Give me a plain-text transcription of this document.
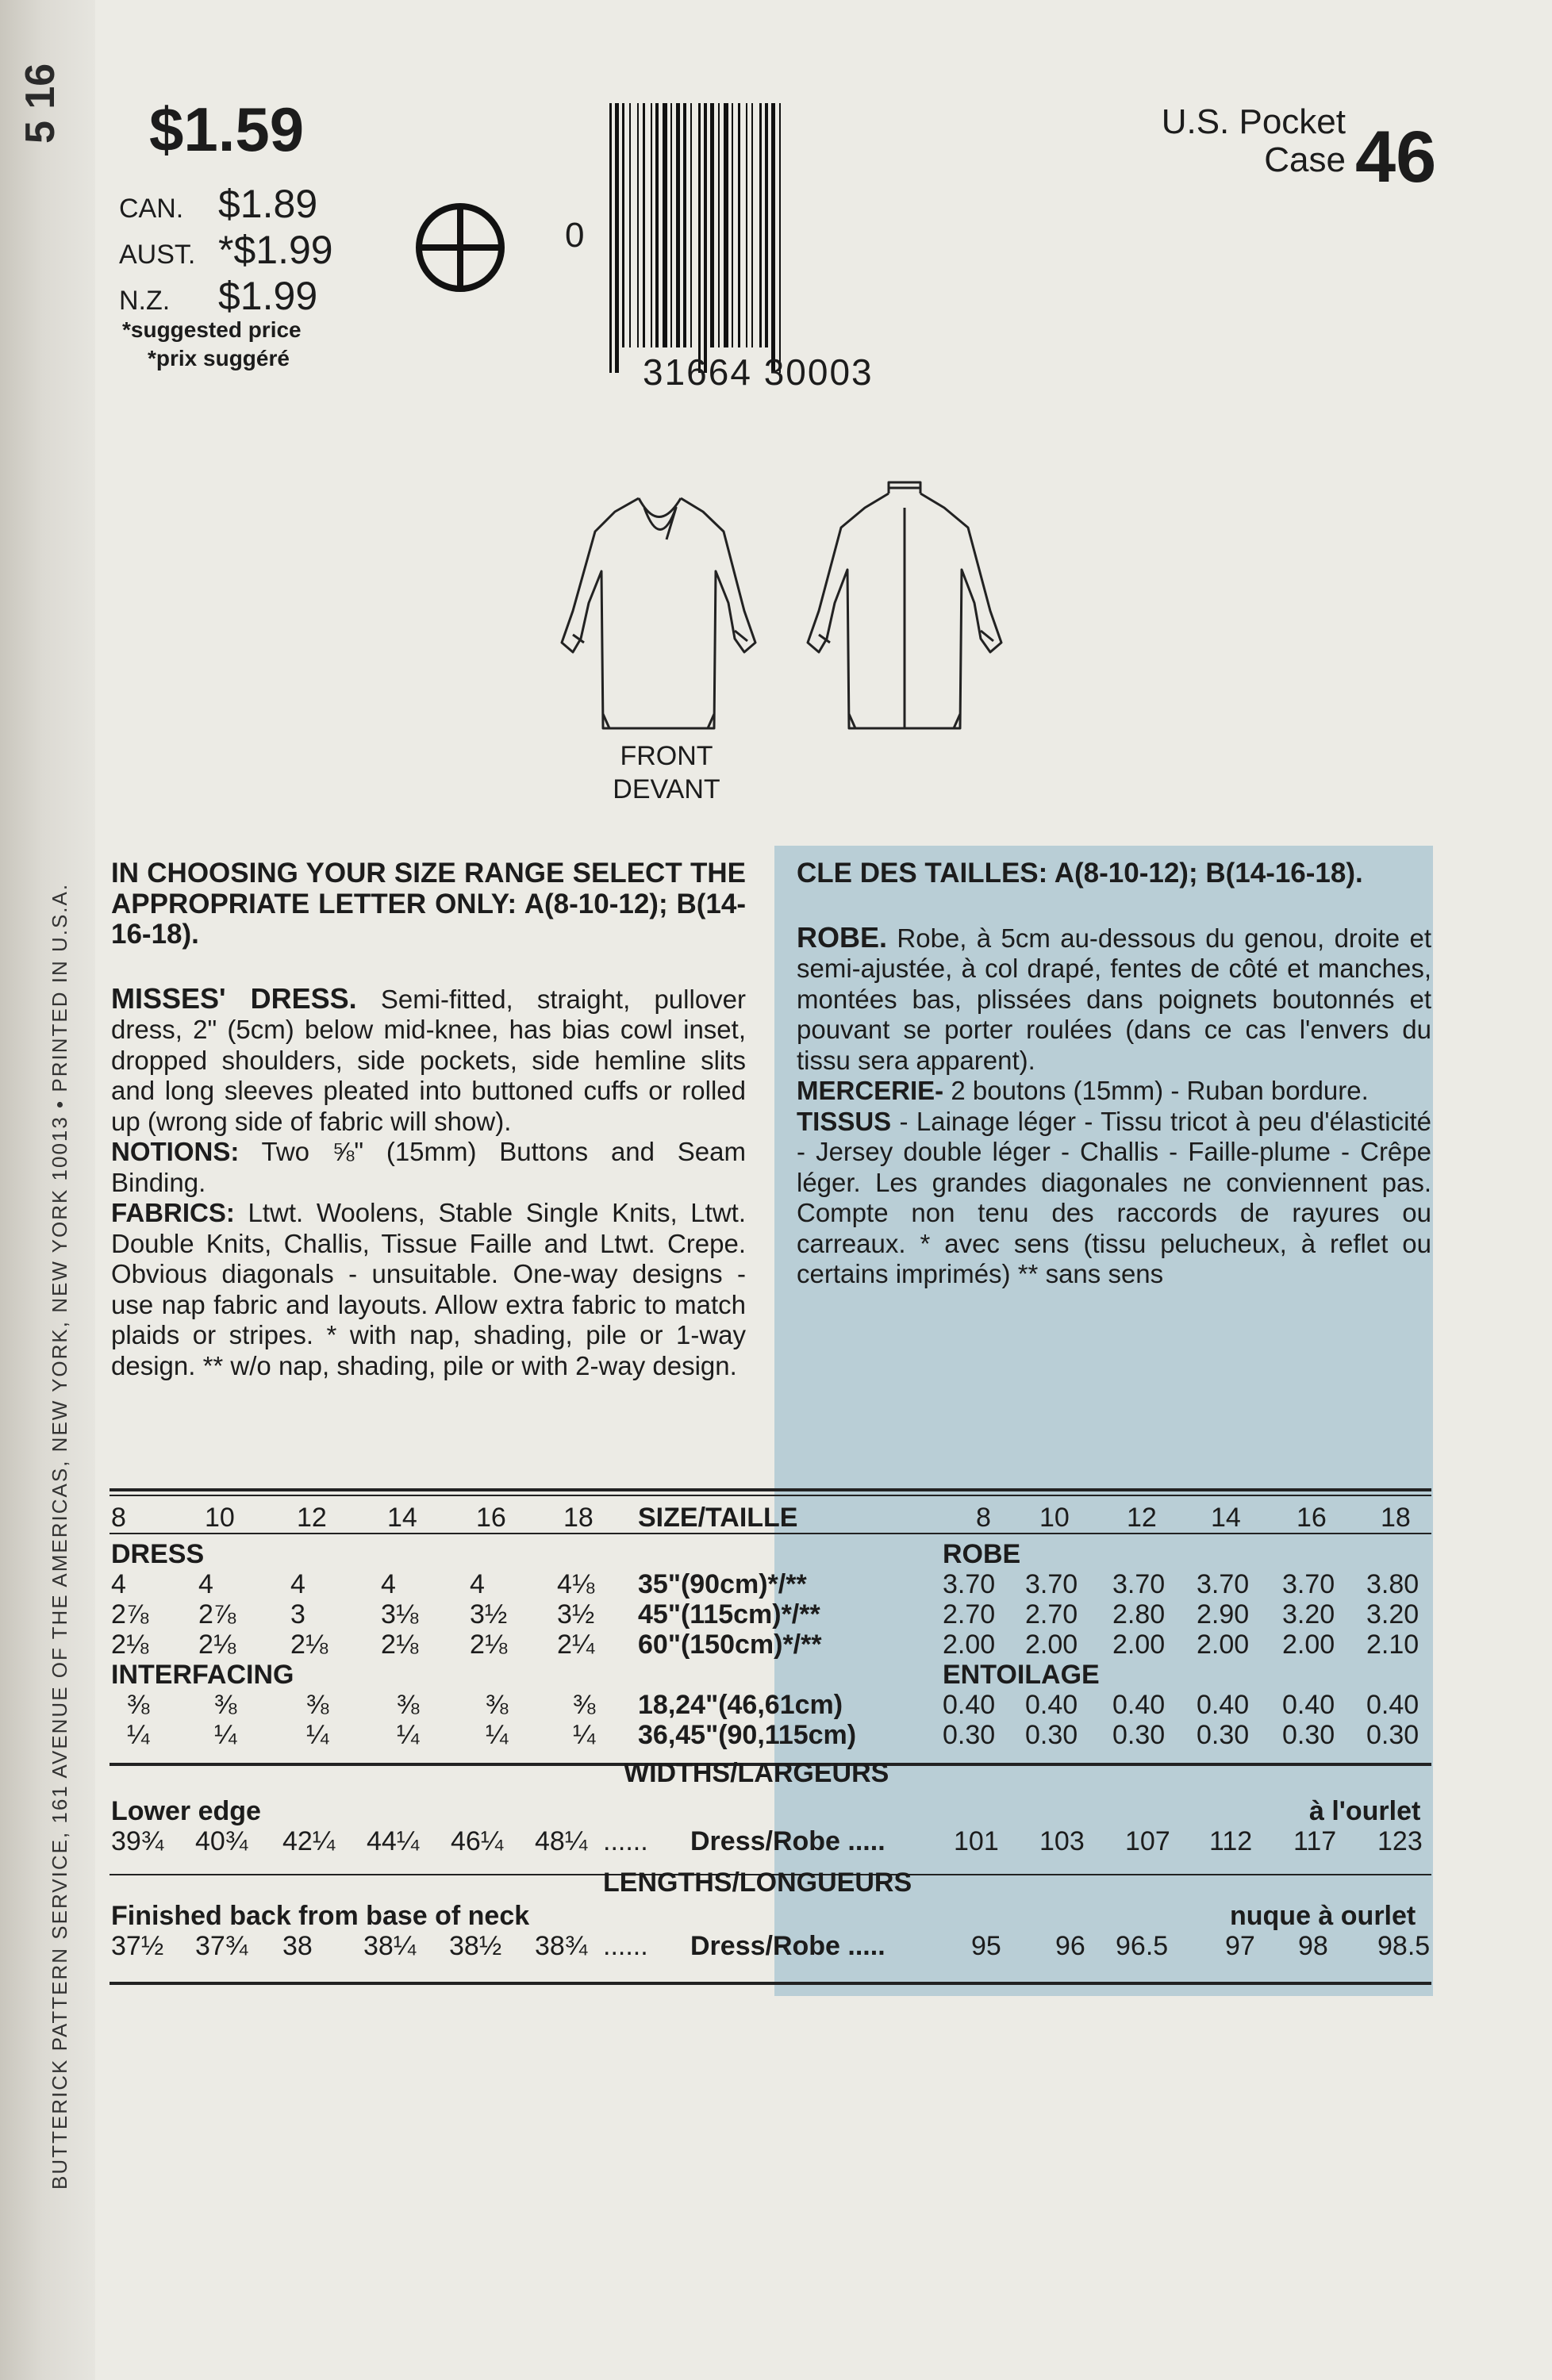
5 16
BUTTERICK PATTERN SERVICE, 161 AVENUE OF THE AMERICAS, NEW YORK, NEW YORK 10013 • PRINTED IN U.S.A.
$1.59
CAN. $1.89
AUST. *$1.99
N.Z. $1.99
*suggested price
*prix suggéré
0
31664 30003
U.S. Pocket
Case 46
FRONT
DEVANT

IN CHOOSING YOUR SIZE RANGE SELECT THE APPROPRIATE LETTER ONLY: A(8-10-12); B(14-16-18).

MISSES' DRESS. Semi-fitted, straight, pullover dress, 2" (5cm) below mid-knee, has bias cowl inset, dropped shoulders, side pockets, side hemline slits and long sleeves pleated into buttoned cuffs or rolled up (wrong side of fabric will show).

NOTIONS: Two ⅝" (15mm) Buttons and Seam Binding.

FABRICS: Ltwt. Woolens, Stable Single Knits, Ltwt. Double Knits, Challis, Tissue Faille and Ltwt. Crepe. Obvious diagonals - unsuitable. One-way designs - use nap fabric and layouts. Allow extra fabric to match plaids or stripes. * with nap, shading, pile or 1-way design. ** w/o nap, shading, pile or with 2-way design.

CLE DES TAILLES: A(8-10-12); B(14-16-18).

ROBE. Robe, à 5cm au-dessous du genou, droite et semi-ajustée, à col drapé, fentes de côté et manches, montées bas, plissées dans poignets boutonnés et pouvant se porter roulées (dans ce cas l'envers du tissu sera apparent).

MERCERIE- 2 boutons (15mm) - Ruban bordure.

TISSUS - Lainage léger - Tissu tricot à peu d'élasticité - Jersey double léger - Challis - Faille-plume - Crêpe léger. Les grandes diagonales ne conviennent pas. Compte non tenu des raccords de rayures ou carreaux. * avec sens (tissu pelucheux, à reflet ou certains imprimés) ** sans sens

8	10 12 14 16 18 SIZE/TAILLE	8 10 12 14 16 18
DRESS	ROBE
4	4	4	4	4	4⅛ 35"(90cm)*/**	3.70 3.70 3.70 3.70 3.70 3.80
2⅞ 2⅞ 3	3⅛ 3½ 3½ 45"(115cm)*/**	2.70 2.70 2.80 2.90 3.20 3.20
2⅛ 2⅛ 2⅛ 2⅛ 2⅛ 2¼ 60"(150cm)*/**	2.00 2.00 2.00 2.00 2.00 2.10
INTERFACING	ENTOILAGE
⅜ ⅜	⅜	⅜ ⅜ ⅜ 18,24"(46,61cm)	0.40 0.40 0.40 0.40 0.40 0.40
¼ ¼	¼	¼ ¼ ¼ 36,45"(90,115cm)	0.30 0.30 0.30 0.30 0.30 0.30
WIDTHS/LARGEURS
Lower edge	à l'ourlet
39¾ 40¾ 42¼ 44¼ 46¼ 48¼ ...... Dress/Robe .....	101 103 107 112 117 123
LENGTHS/LONGUEURS
Finished back from base of neck	nuque à ourlet
37½ 37¾ 38 38¼ 38½ 38¾ ...... Dress/Robe .....	95 96 96.5 97 98 98.5
